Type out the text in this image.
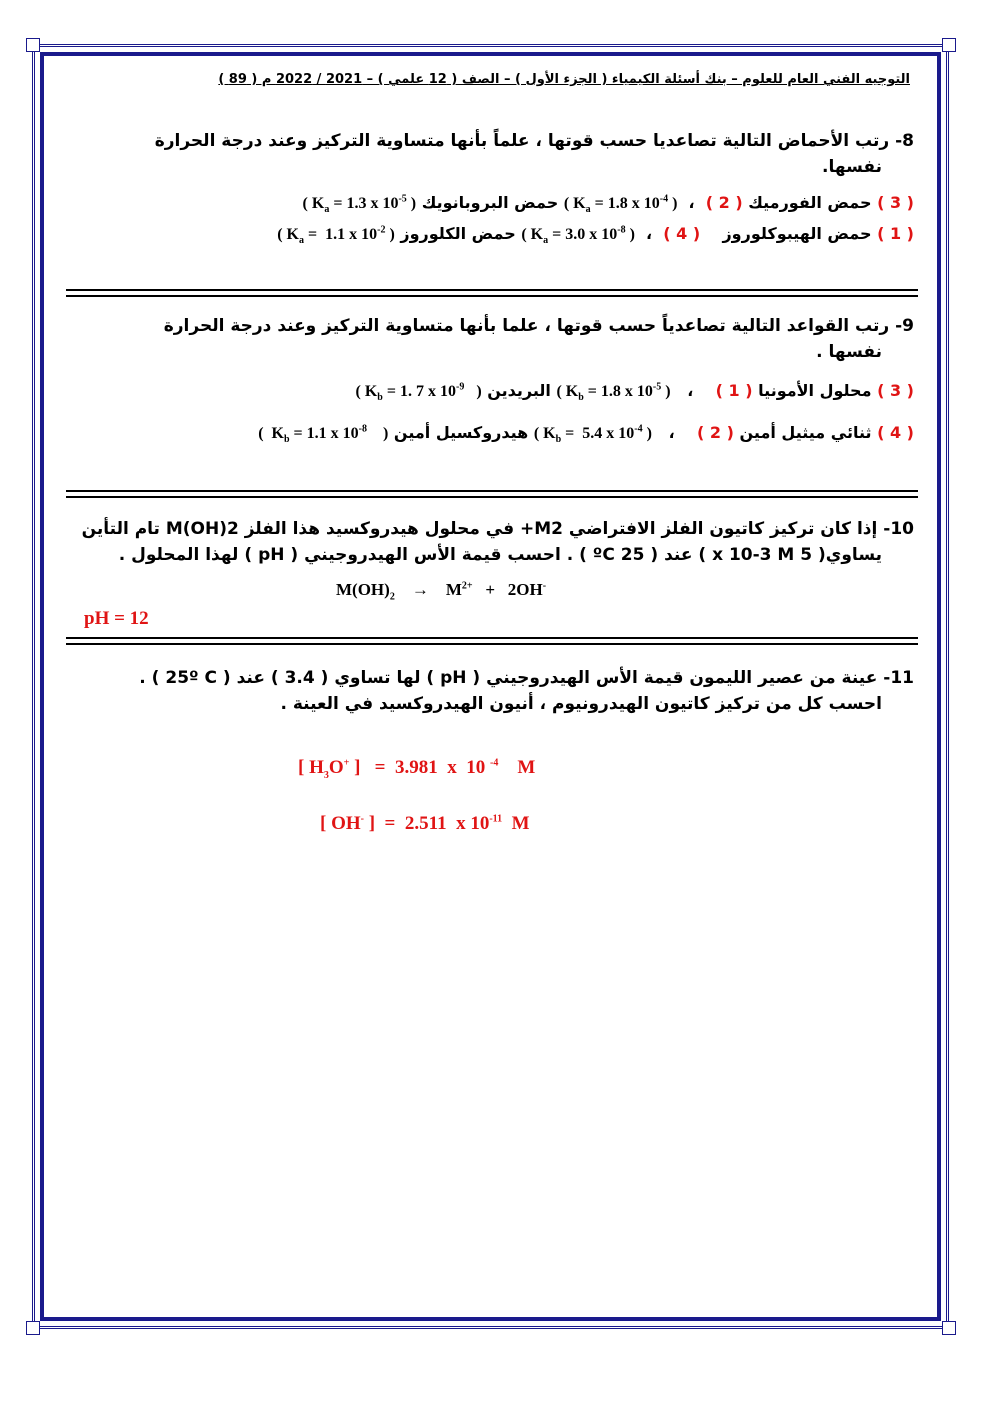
التوجيه الفني العام للعلوم – بنك أسئلة الكيمياء ( الجزء الأول ) – الصف ( 12 علمي ) – 2021 / 2022 م ( 89 )
8- رتب الأحماض التالية تصاعديا حسب قوتها ، علماً بأنها متساوية التركيز وعند درجة الحرارة
نفسها.
( 3 ) حمض الفورميك ( $K_a = 1.8$ x $10^{-4}$ )  ،  ( 2 ) حمض البروبانويك ( $K_a = 1.3$ x $10^{-5}$ )
( 1 ) حمض الهيبوكلوروز    ( $K_a = 3.0$ x $10^{-8}$ )  ،  ( 4 ) حمض الكلوروز ( $K_a = 1.1$ x $10^{-2}$ )
9- رتب القواعد التالية تصاعدياً حسب قوتها ، علما بأنها متساوية التركيز وعند درجة الحرارة
نفسها .
( 3 ) محلول الأمونيا ( $K_b = 1.8$ x $10^{-5}$ )   ،    ( 1 ) البريدين ( $K_b = 1$. 7 x $10^{-9}$   )
( 4 ) ثنائي ميثيل أمين ( $K_b = 5.4$ x $10^{-4}$ )   ،    ( 2 ) هيدروكسيل أمين (  $K_b = 1.1$ x $10^{-8}$    )
10- إذا كان تركيز كاتيون الفلز الافتراضي M2+ في محلول هيدروكسيد هذا الفلز M(OH)2 تام التأين
يساوي( 5 x 10-3 M ) عند ( 25 ºC ) . احسب قيمة الأس الهيدروجيني ( pH ) لهذا المحلول .
$M(OH)_2$    →    $M^{2+} + 2OH^-$
pH = 12
11- عينة من عصير الليمون قيمة الأس الهيدروجيني ( pH ) لها تساوي ( 3.4 ) عند ( 25º C ) .
احسب كل من تركيز كاتيون الهيدرونيوم ، أنيون الهيدروكسيد في العينة .
[ $H_3O^+$ ]   =  3.981  x  10 $^{-4}$    M
[ OH- ]  =  2.511  x $10^{-11}$  M
